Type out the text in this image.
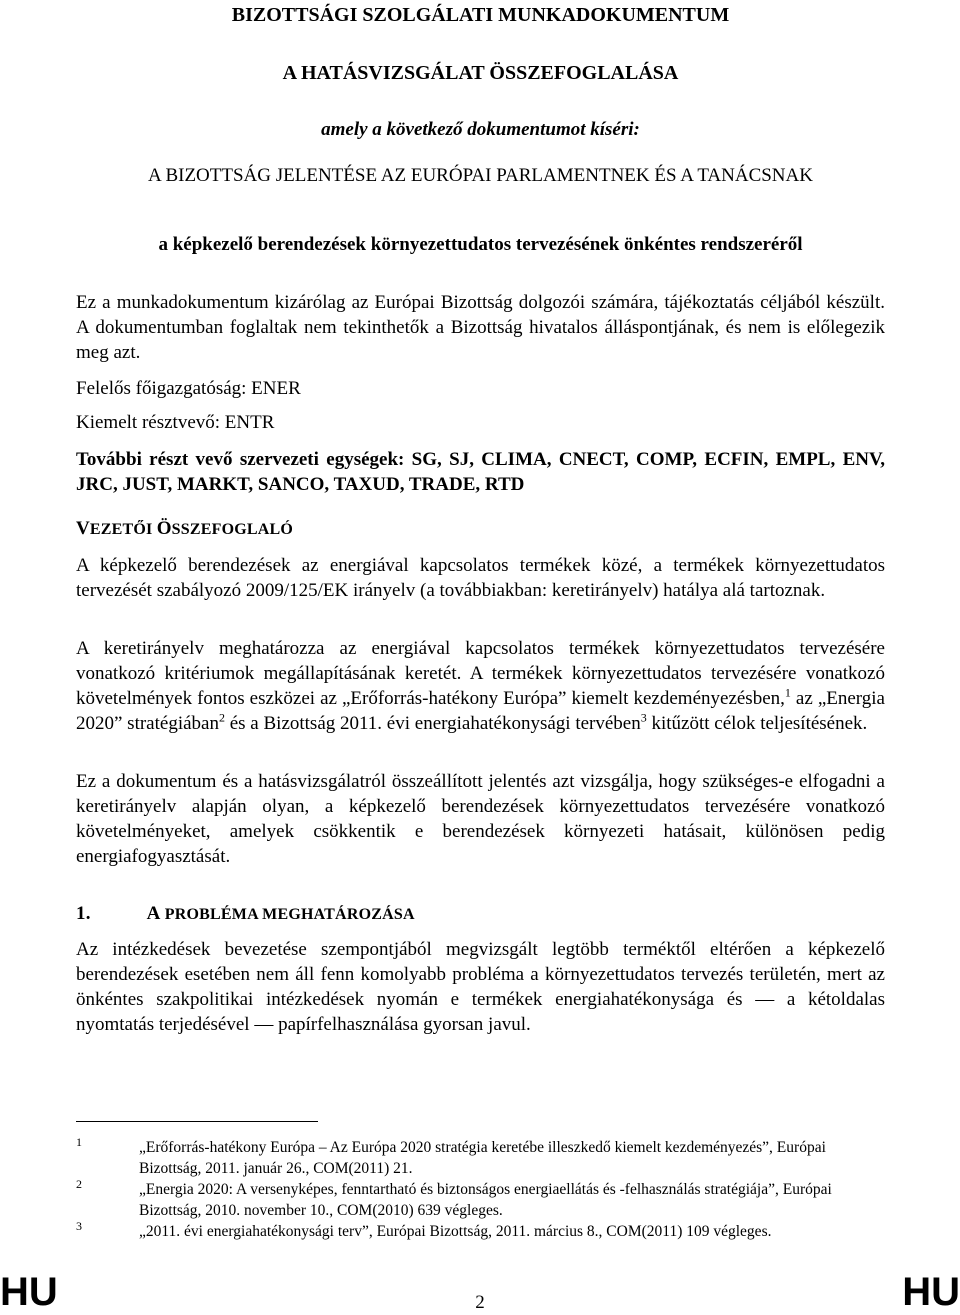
BIZOTTSÁGI SZOLGÁLATI MUNKADOKUMENTUM
A HATÁSVIZSGÁLAT ÖSSZEFOGLALÁSA
amely a következő dokumentumot kíséri:
A BIZOTTSÁG JELENTÉSE AZ EURÓPAI PARLAMENTNEK ÉS A TANÁCSNAK
a képkezelő berendezések környezettudatos tervezésének önkéntes rendszeréről
Ez a munkadokumentum kizárólag az Európai Bizottság dolgozói számára, tájékoztatás céljából készült. A dokumentumban foglaltak nem tekinthetők a Bizottság hivatalos álláspontjának, és nem is előlegezik meg azt.
Felelős főigazgatóság: ENER
Kiemelt résztvevő: ENTR
További részt vevő szervezeti egységek: SG, SJ, CLIMA, CNECT, COMP, ECFIN, EMPL, ENV, JRC, JUST, MARKT, SANCO, TAXUD, TRADE, RTD
VEZETŐI ÖSSZEFOGLALÓ
A képkezelő berendezések az energiával kapcsolatos termékek közé, a termékek környezettudatos tervezését szabályozó 2009/125/EK irányelv (a továbbiakban: keretirányelv) hatálya alá tartoznak.
A keretirányelv meghatározza az energiával kapcsolatos termékek környezettudatos tervezésére vonatkozó kritériumok megállapításának keretét. A termékek környezettudatos tervezésére vonatkozó követelmények fontos eszközei az „Erőforrás-hatékony Európa” kiemelt kezdeményezésben,$^1$ az „Energia 2020” stratégiában$^2$ és a Bizottság 2011. évi energiahatékonysági tervében$^3$ kitűzött célok teljesítésének.
Ez a dokumentum és a hatásvizsgálatról összeállított jelentés azt vizsgálja, hogy szükséges-e elfogadni a keretirányelv alapján olyan, a képkezelő berendezések környezettudatos tervezésére vonatkozó követelményeket, amelyek csökkentik e berendezések környezeti hatásait, különösen pedig energiafogyasztását.
1.	A PROBLÉMA MEGHATÁROZÁSA
Az intézkedések bevezetése szempontjából megvizsgált legtöbb terméktől eltérően a képkezelő berendezések esetében nem áll fenn komolyabb probléma a környezettudatos tervezés területén, mert az önkéntes szakpolitikai intézkedések nyomán e termékek energiahatékonysága és — a kétoldalas nyomtatás terjedésével — papírfelhasználása gyorsan javul.
1	„Erőforrás-hatékony Európa – Az Európa 2020 stratégia keretébe illeszkedő kiemelt kezdeményezés”, Európai Bizottság, 2011. január 26., COM(2011) 21.
2	„Energia 2020: A versenyképes, fenntartható és biztonságos energiaellátás és -felhasználás stratégiája”, Európai Bizottság, 2010. november 10., COM(2010) 639 végleges.
3	„2011. évi energiahatékonysági terv”, Európai Bizottság, 2011. március 8., COM(2011) 109 végleges.
HU	2	HU
